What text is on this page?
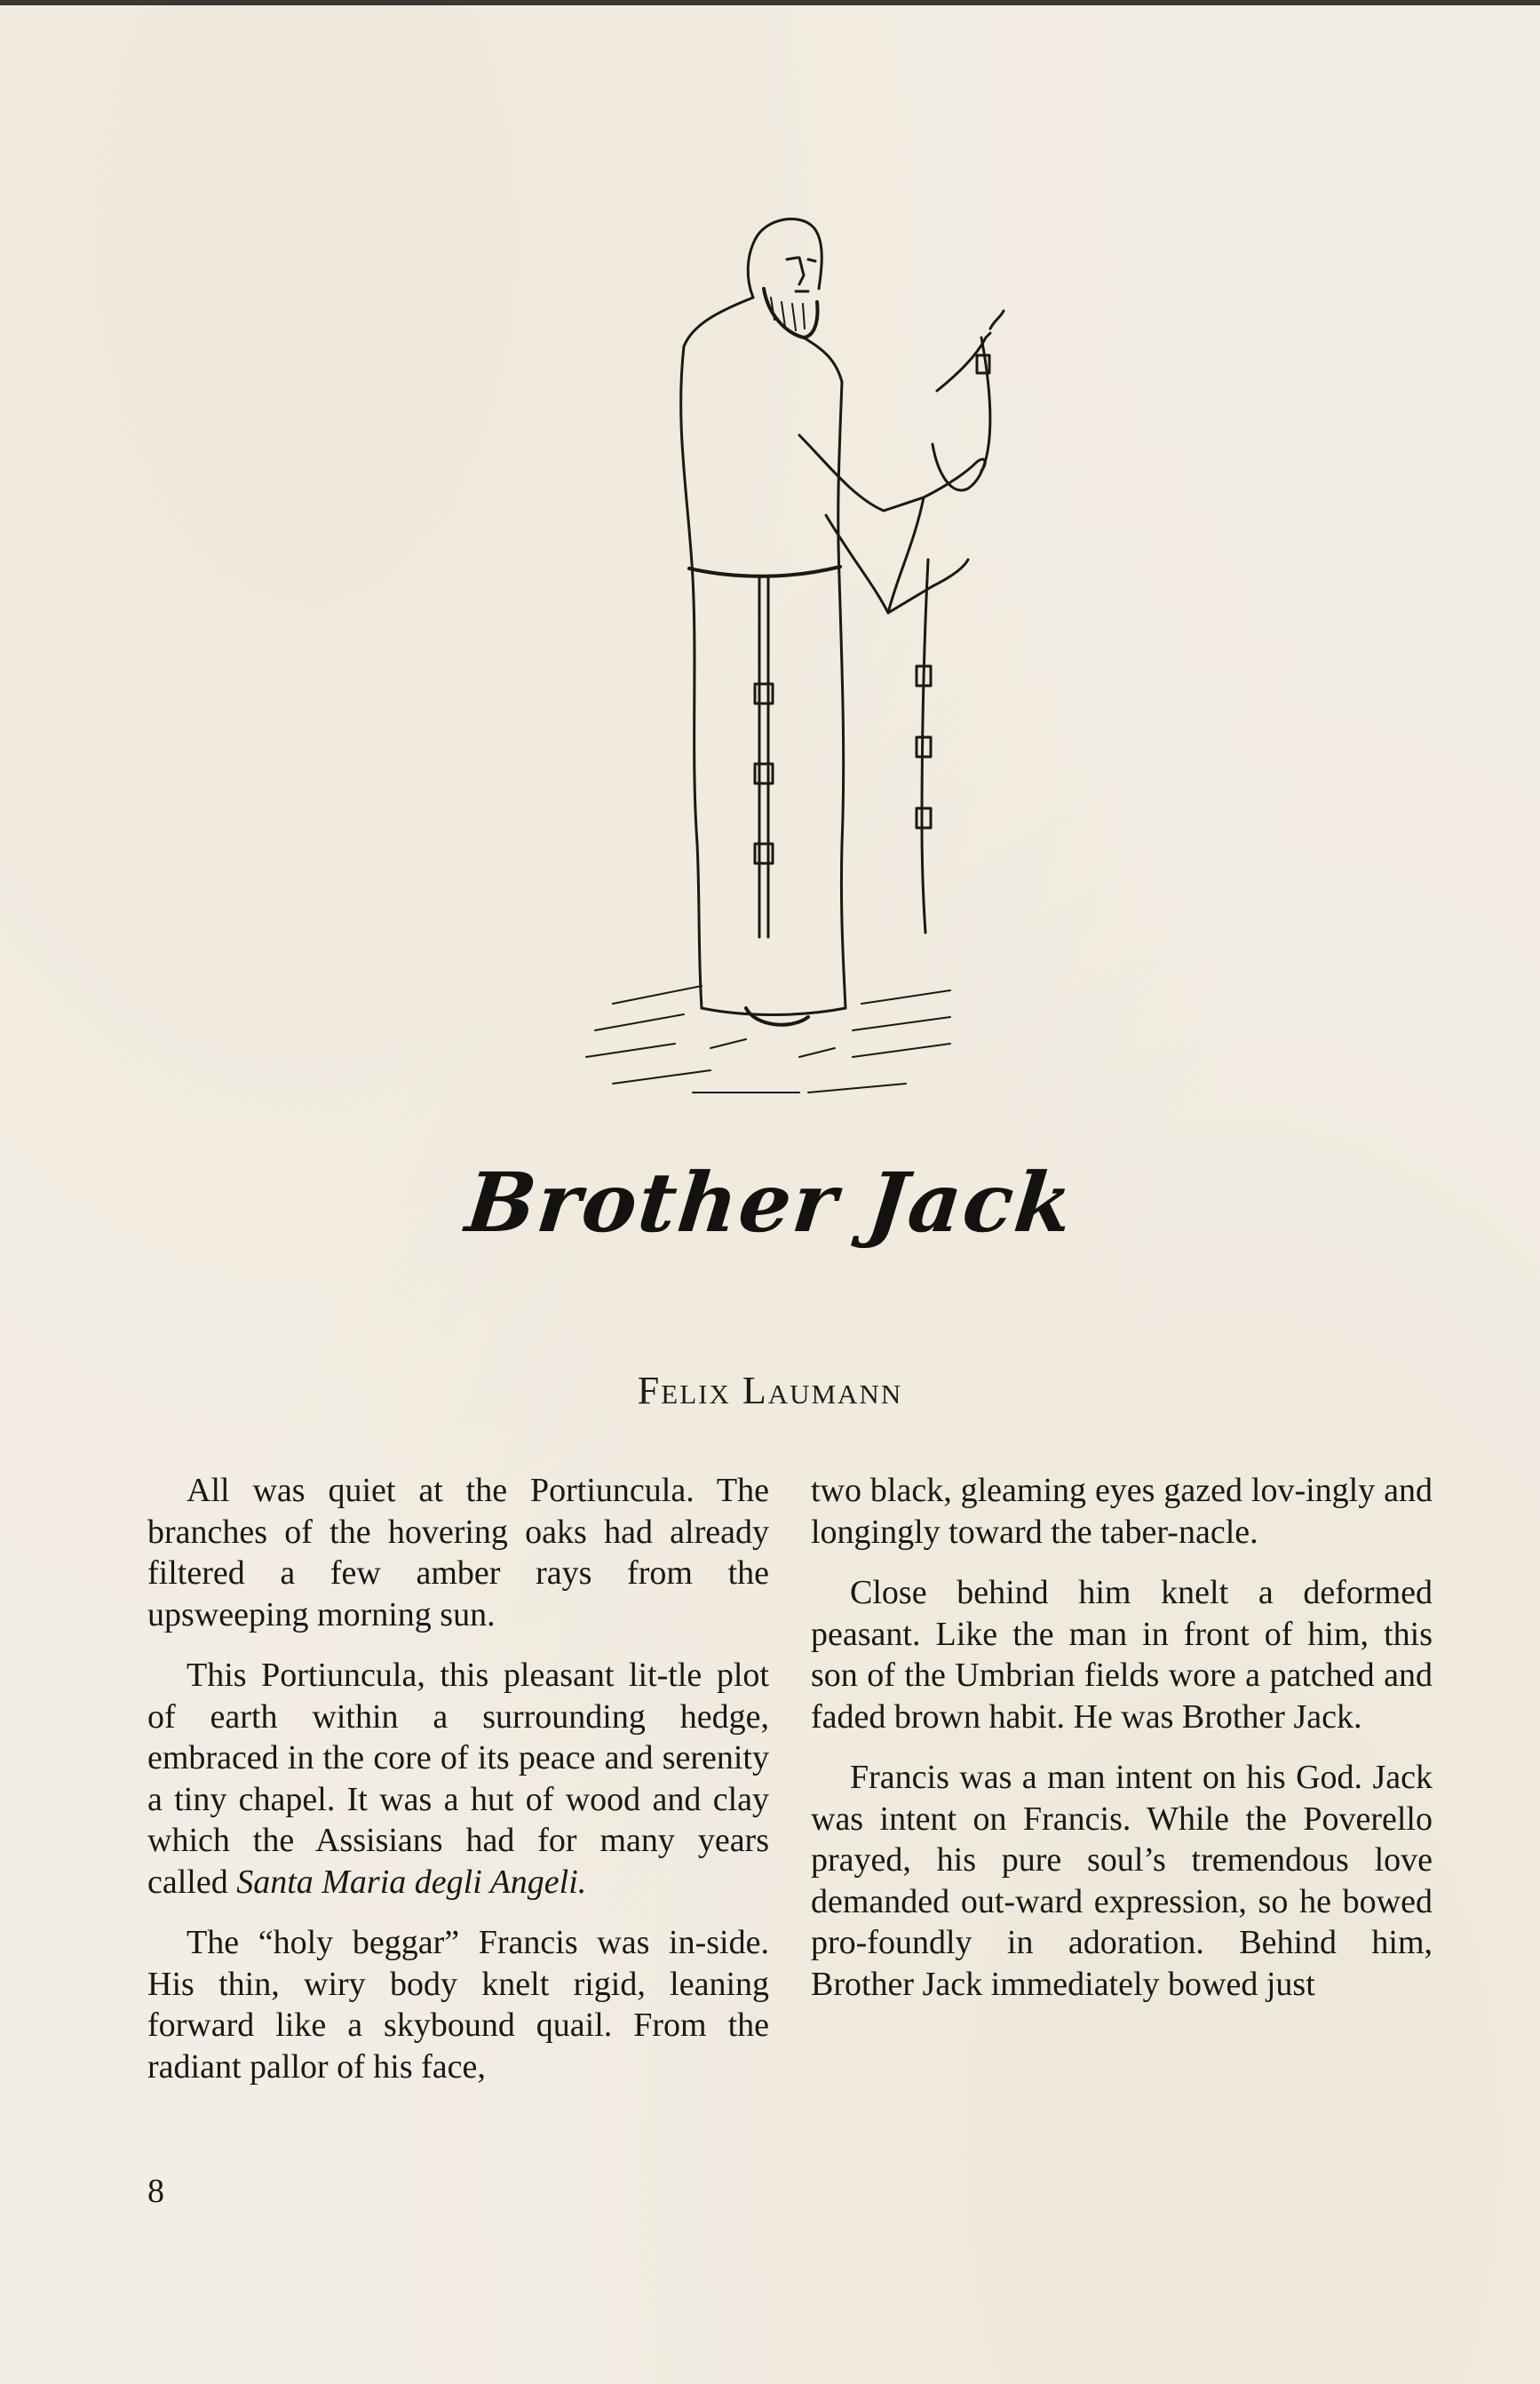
Brother Jack
Felix Laumann

All was quiet at the Portiuncula. The branches of the hovering oaks had already filtered a few amber rays from the upsweeping morning sun.

This Portiuncula, this pleasant lit-tle plot of earth within a surrounding hedge, embraced in the core of its peace and serenity a tiny chapel. It was a hut of wood and clay which the Assisians had for many years called Santa Maria degli Angeli.

The “holy beggar” Francis was in-side. His thin, wiry body knelt rigid, leaning forward like a skybound quail. From the radiant pallor of his face,

two black, gleaming eyes gazed lov-ingly and longingly toward the taber-nacle.

Close behind him knelt a deformed peasant. Like the man in front of him, this son of the Umbrian fields wore a patched and faded brown habit. He was Brother Jack.

Francis was a man intent on his God. Jack was intent on Francis. While the Poverello prayed, his pure soul’s tremendous love demanded out-ward expression, so he bowed pro-foundly in adoration. Behind him, Brother Jack immediately bowed just

8
